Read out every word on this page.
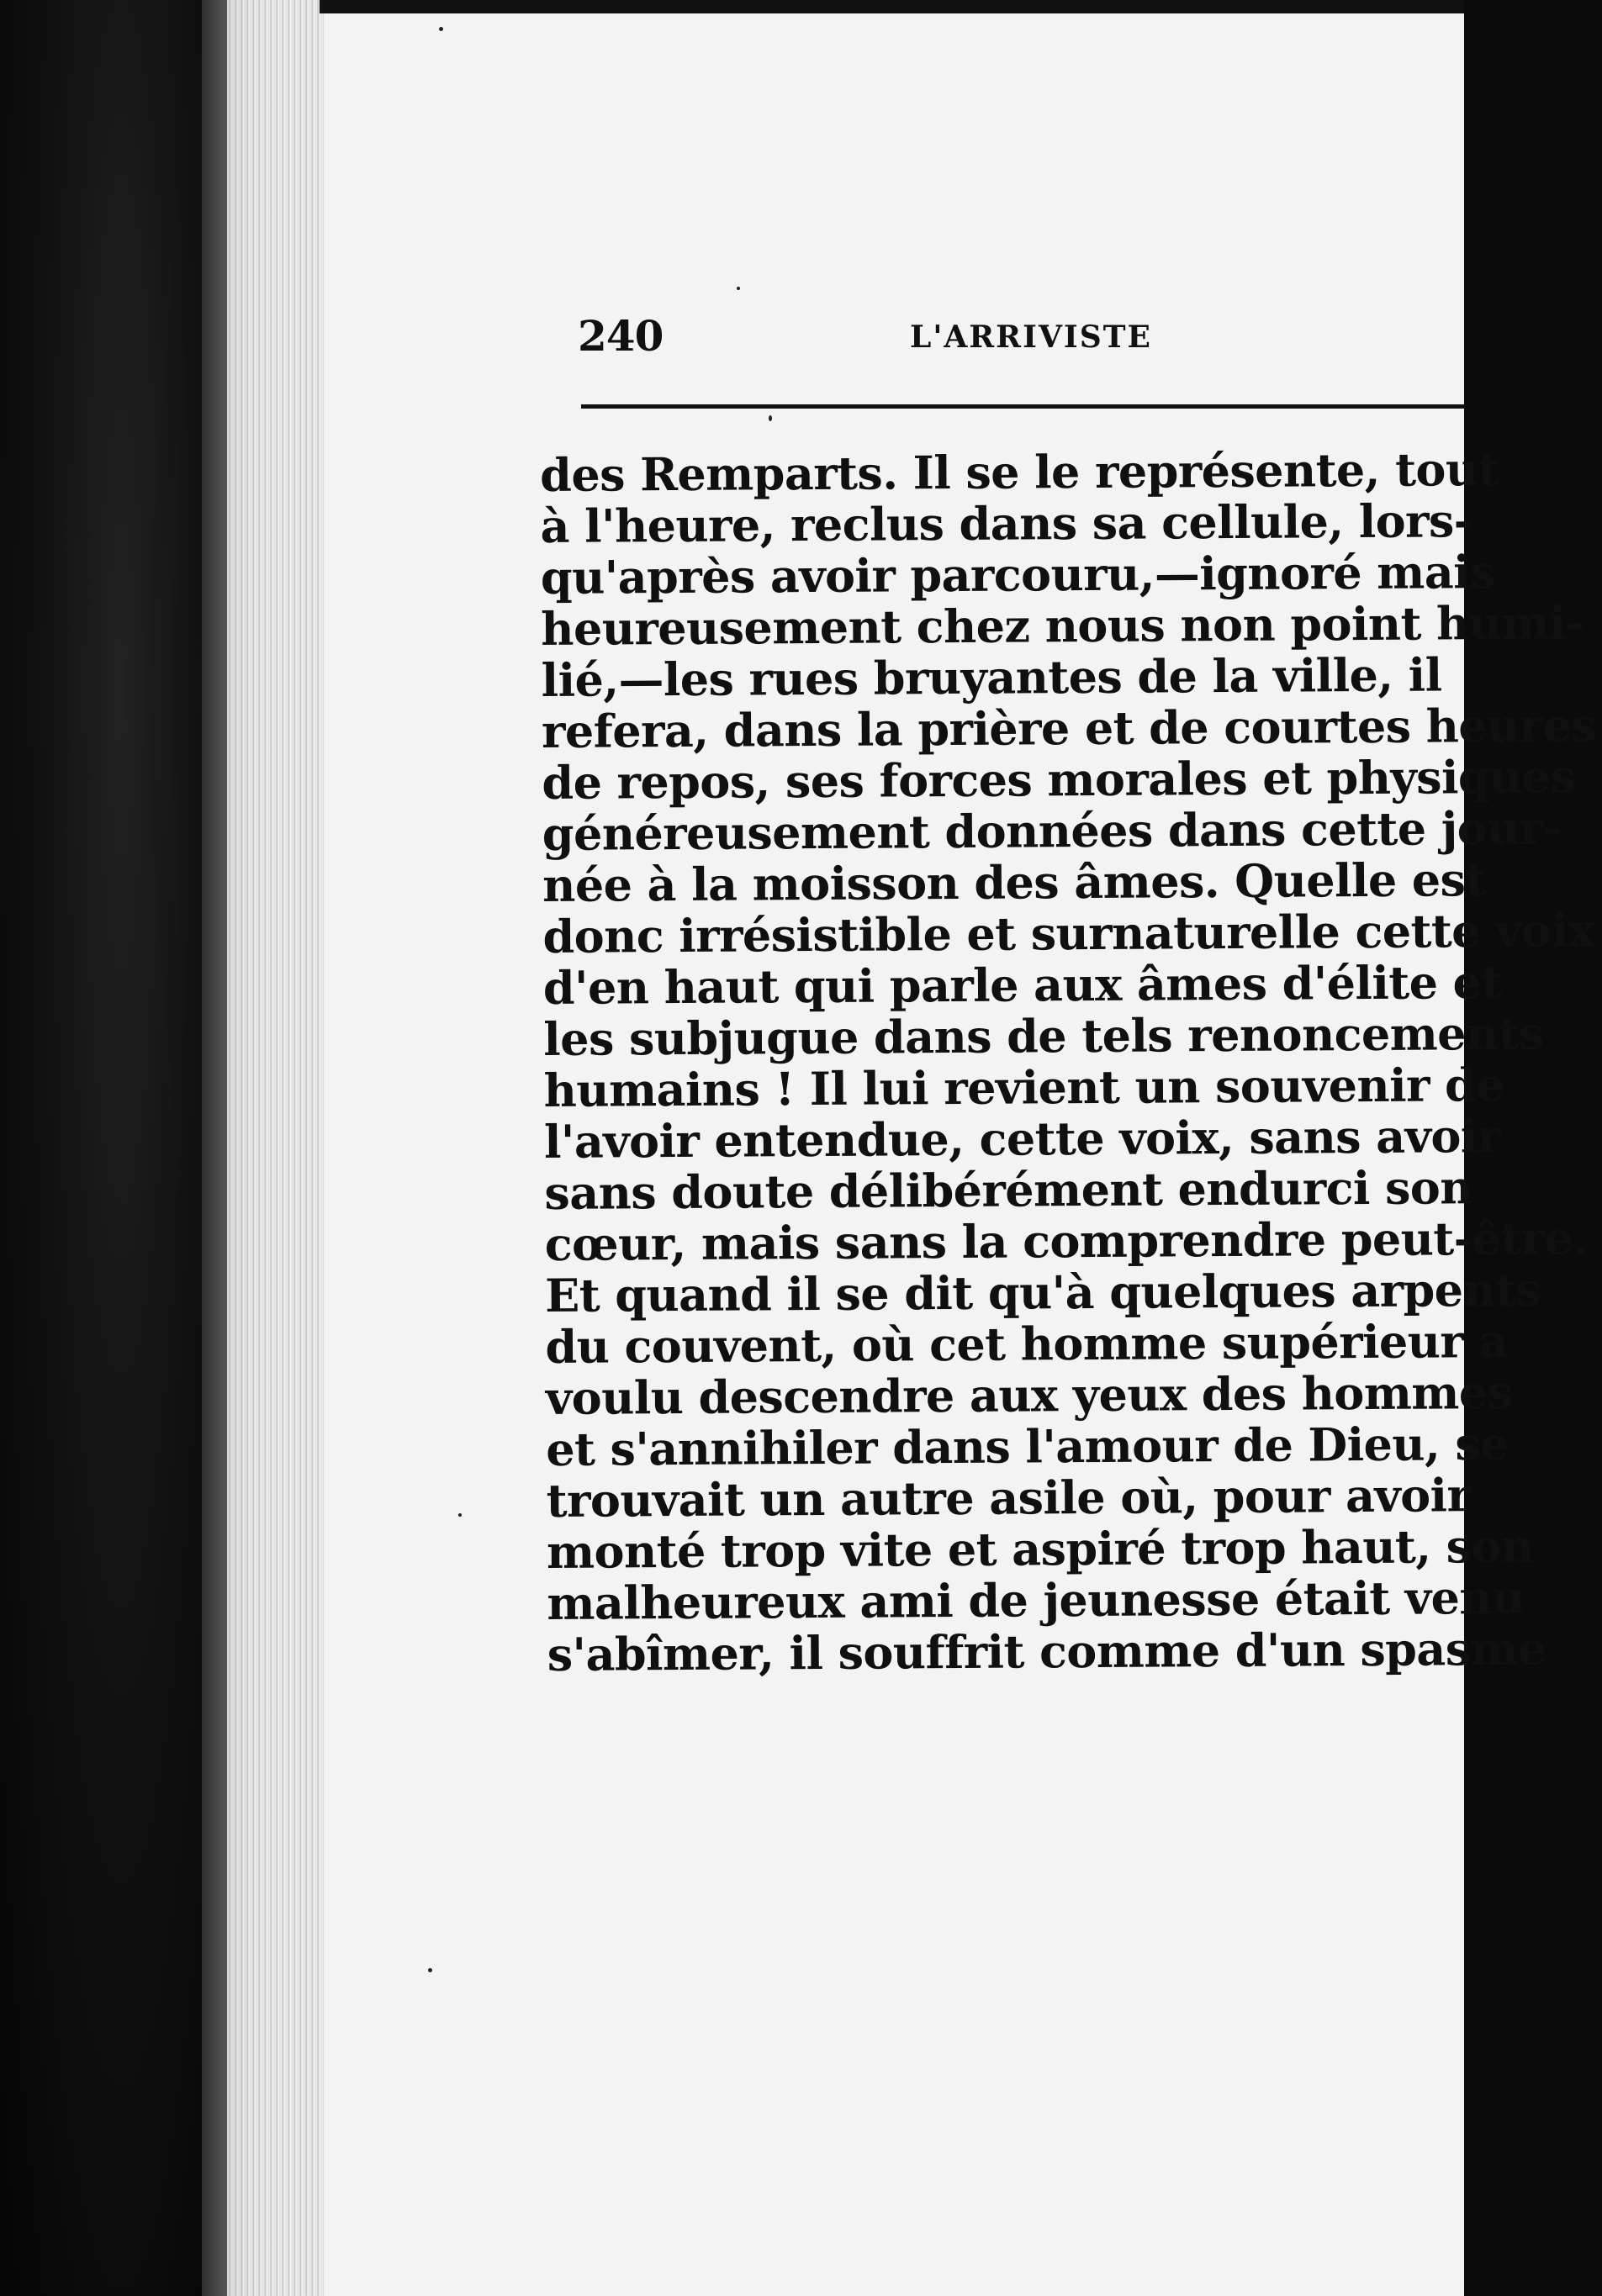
240	L'ARRIVISTE
des Remparts. Il se le représente, tout
à l'heure, reclus dans sa cellule, lors-
qu'après avoir parcouru,—ignoré mais
heureusement chez nous non point humi-
lié,—les rues bruyantes de la ville, il
refera, dans la prière et de courtes heures
de repos, ses forces morales et physiques
généreusement données dans cette jour-
née à la moisson des âmes. Quelle est
donc irrésistible et surnaturelle cette voix
d'en haut qui parle aux âmes d'élite et
les subjugue dans de tels renoncements
humains ! Il lui revient un souvenir de
l'avoir entendue, cette voix, sans avoir
sans doute délibérément endurci son
cœur, mais sans la comprendre peut-être.
Et quand il se dit qu'à quelques arpents
du couvent, où cet homme supérieur a
voulu descendre aux yeux des hommes
et s'annihiler dans l'amour de Dieu, se
trouvait un autre asile où, pour avoir
monté trop vite et aspiré trop haut, son
malheureux ami de jeunesse était venu
s'abîmer, il souffrit comme d'un spasme
